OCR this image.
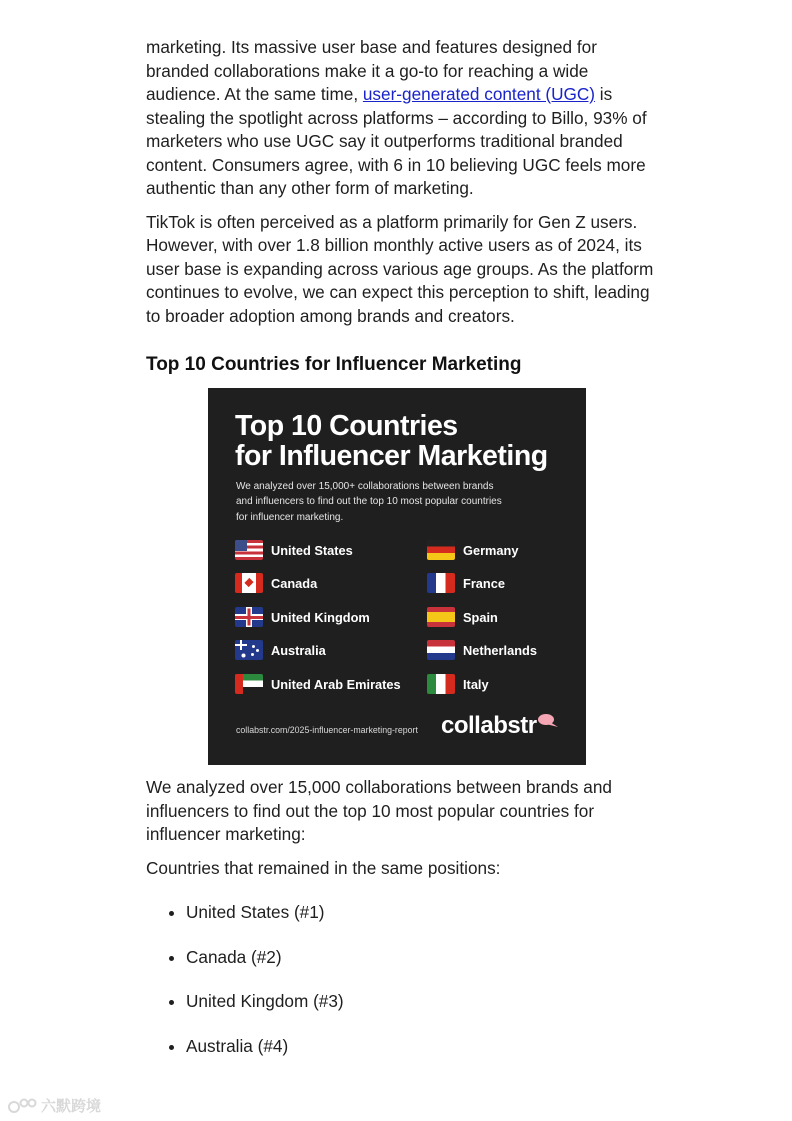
marketing. Its massive user base and features designed for branded collaborations make it a go-to for reaching a wide audience. At the same time, user-generated content (UGC) is stealing the spotlight across platforms – according to Billo, 93% of marketers who use UGC say it outperforms traditional branded content. Consumers agree, with 6 in 10 believing UGC feels more authentic than any other form of marketing.

TikTok is often perceived as a platform primarily for Gen Z users. However, with over 1.8 billion monthly active users as of 2024, its user base is expanding across various age groups. As the platform continues to evolve, we can expect this perception to shift, leading to broader adoption among brands and creators.

Top 10 Countries for Influencer Marketing
Top 10 Countries
for Influencer Marketing
We analyzed over 15,000+ collaborations between brands
and influencers to find out the top 10 most popular countries
for influencer marketing.
United States
Canada
United Kingdom
Australia
United Arab Emirates
Germany
France
Spain
Netherlands
Italy
collabstr.com/2025-influencer-marketing-report collabstr

We analyzed over 15,000 collaborations between brands and influencers to find out the top 10 most popular countries for influencer marketing:

Countries that remained in the same positions:

• United States (#1)
• Canada (#2)
• United Kingdom (#3)
• Australia (#4)
六默跨境
